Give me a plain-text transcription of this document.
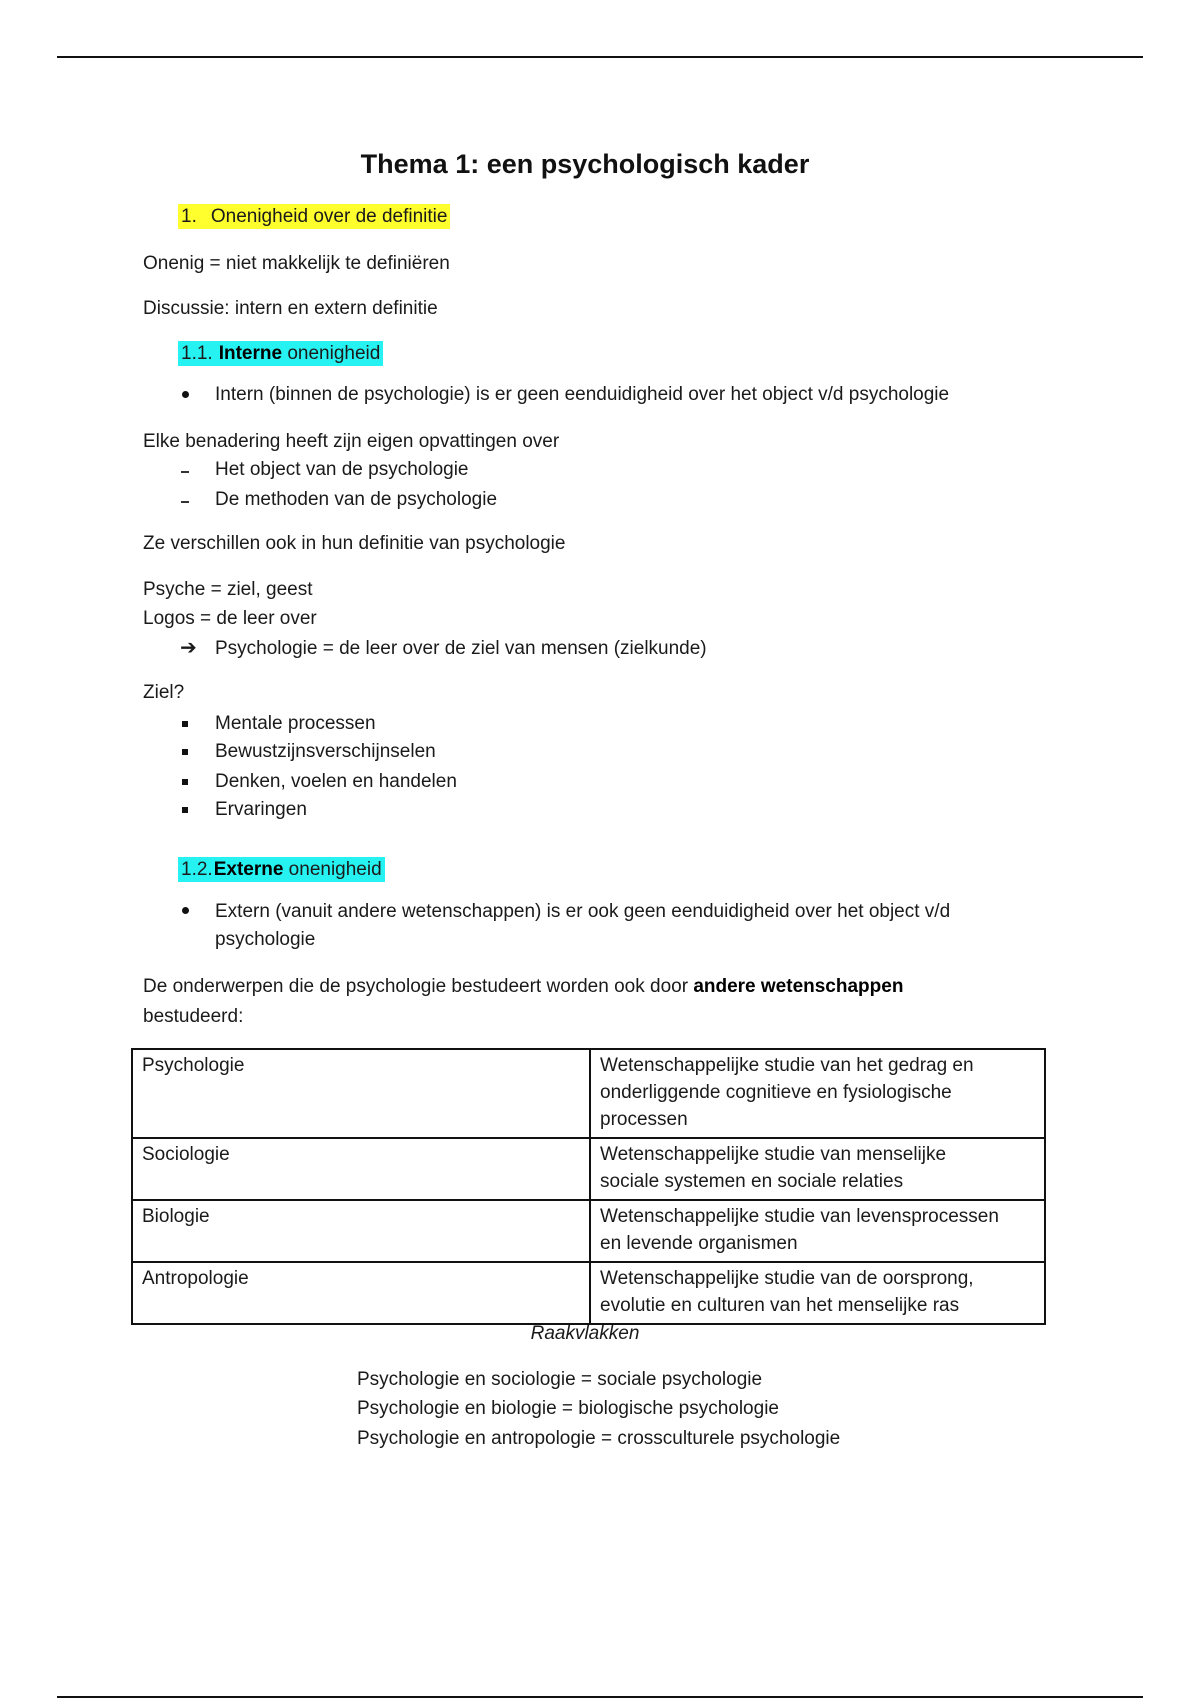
Thema 1: een psychologisch kader
1. Onenigheid over de definitie
Onenig = niet makkelijk te definiëren
Discussie: intern en extern definitie
1.1. Interne onenigheid
Intern (binnen de psychologie) is er geen eenduidigheid over het object v/d psychologie
Elke benadering heeft zijn eigen opvattingen over
Het object van de psychologie
De methoden van de psychologie
Ze verschillen ook in hun definitie van psychologie
Psyche = ziel, geest
Logos = de leer over
➔ Psychologie = de leer over de ziel van mensen (zielkunde)
Ziel?
Mentale processen
Bewustzijnsverschijnselen
Denken, voelen en handelen
Ervaringen
1.2.Externe onenigheid
Extern (vanuit andere wetenschappen) is er ook geen eenduidigheid over het object v/d
psychologie
De onderwerpen die de psychologie bestudeert worden ook door andere wetenschappen
bestudeerd:
Psychologie	Wetenschappelijke studie van het gedrag en
onderliggende cognitieve en fysiologische
processen

Sociologie	Wetenschappelijke studie van menselijke
sociale systemen en sociale relaties

Biologie	Wetenschappelijke studie van levensprocessen
en levende organismen

Antropologie	Wetenschappelijke studie van de oorsprong,
evolutie en culturen van het menselijke ras
Raakvlakken
Psychologie en sociologie = sociale psychologie
Psychologie en biologie = biologische psychologie
Psychologie en antropologie = crossculturele psychologie
